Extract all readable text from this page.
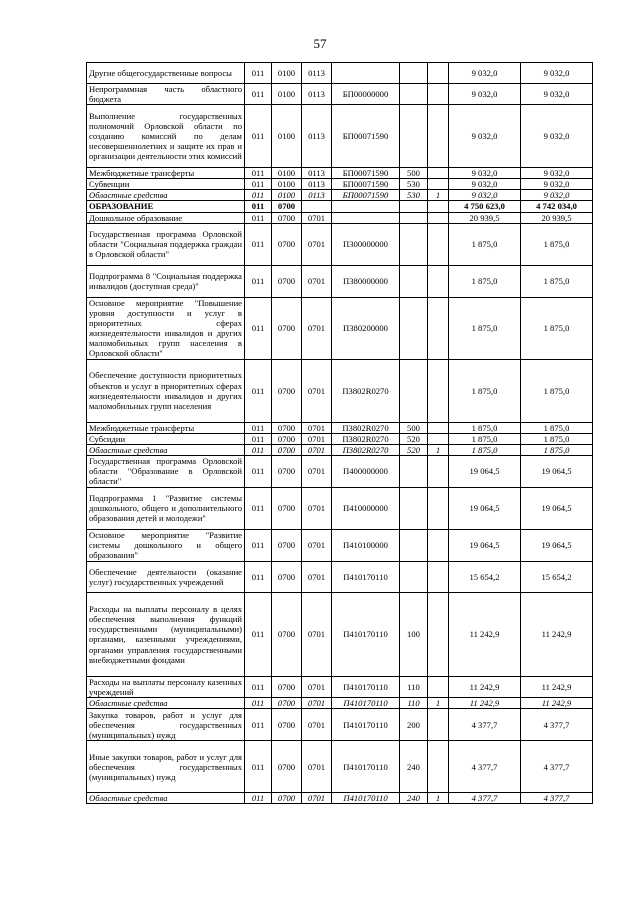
57
Другие общегосударственные вопросы	011	0100	0113				9 032,0	9 032,0
Непрограммная часть областного бюджета	011	0100	0113	БП00000000			9 032,0	9 032,0
Выполнение государственных полномочий Орловской области по созданию комиссий по делам несовершеннолетних и защите их прав и организации деятельности этих комиссий	011	0100	0113	БП00071590			9 032,0	9 032,0
Межбюджетные трансферты	011	0100	0113	БП00071590	500		9 032,0	9 032,0
Субвенции	011	0100	0113	БП00071590	530		9 032,0	9 032,0
Областные средства	011	0100	0113	БП00071590	530	1	9 032,0	9 032,0
ОБРАЗОВАНИЕ	011	0700					4 750 623,0	4 742 034,0
Дошкольное образование	011	0700	0701				20 939,5	20 939,5
Государственная программа Орловской области "Социальная поддержка граждан в Орловской области"	011	0700	0701	П300000000			1 875,0	1 875,0
Подпрограмма 8 "Социальная поддержка инвалидов (доступная среда)"	011	0700	0701	П380000000			1 875,0	1 875,0
Основное мероприятие "Повышение уровня доступности и услуг в приоритетных сферах жизнедеятельности инвалидов и других маломобильных групп населения в Орловской области"	011	0700	0701	П380200000			1 875,0	1 875,0
Обеспечение доступности приоритетных объектов и услуг в приоритетных сферах жизнедеятельности инвалидов и других маломобильных групп населения	011	0700	0701	П3802R0270			1 875,0	1 875,0
Межбюджетные трансферты	011	0700	0701	П3802R0270	500		1 875,0	1 875,0
Субсидии	011	0700	0701	П3802R0270	520		1 875,0	1 875,0
Областные средства	011	0700	0701	П3802R0270	520	1	1 875,0	1 875,0
Государственная программа Орловской области "Образование в Орловской области"	011	0700	0701	П400000000			19 064,5	19 064,5
Подпрограмма 1 "Развитие системы дошкольного, общего и дополнительного образования детей и молодежи"	011	0700	0701	П410000000			19 064,5	19 064,5
Основное мероприятие "Развитие системы дошкольного и общего образования"	011	0700	0701	П410100000			19 064,5	19 064,5
Обеспечение деятельности (оказание услуг) государственных учреждений	011	0700	0701	П410170110			15 654,2	15 654,2
Расходы на выплаты персоналу в целях обеспечения выполнения функций государственными (муниципальными) органами, казенными учреждениями, органами управления государственными внебюджетными фондами	011	0700	0701	П410170110	100		11 242,9	11 242,9
Расходы на выплаты персоналу казенных учреждений	011	0700	0701	П410170110	110		11 242,9	11 242,9
Областные средства	011	0700	0701	П410170110	110	1	11 242,9	11 242,9
Закупка товаров, работ и услуг для обеспечения государственных (муниципальных) нужд	011	0700	0701	П410170110	200		4 377,7	4 377,7
Иные закупки товаров, работ и услуг для обеспечения государственных (муниципальных) нужд	011	0700	0701	П410170110	240		4 377,7	4 377,7
Областные средства	011	0700	0701	П410170110	240	1	4 377,7	4 377,7
